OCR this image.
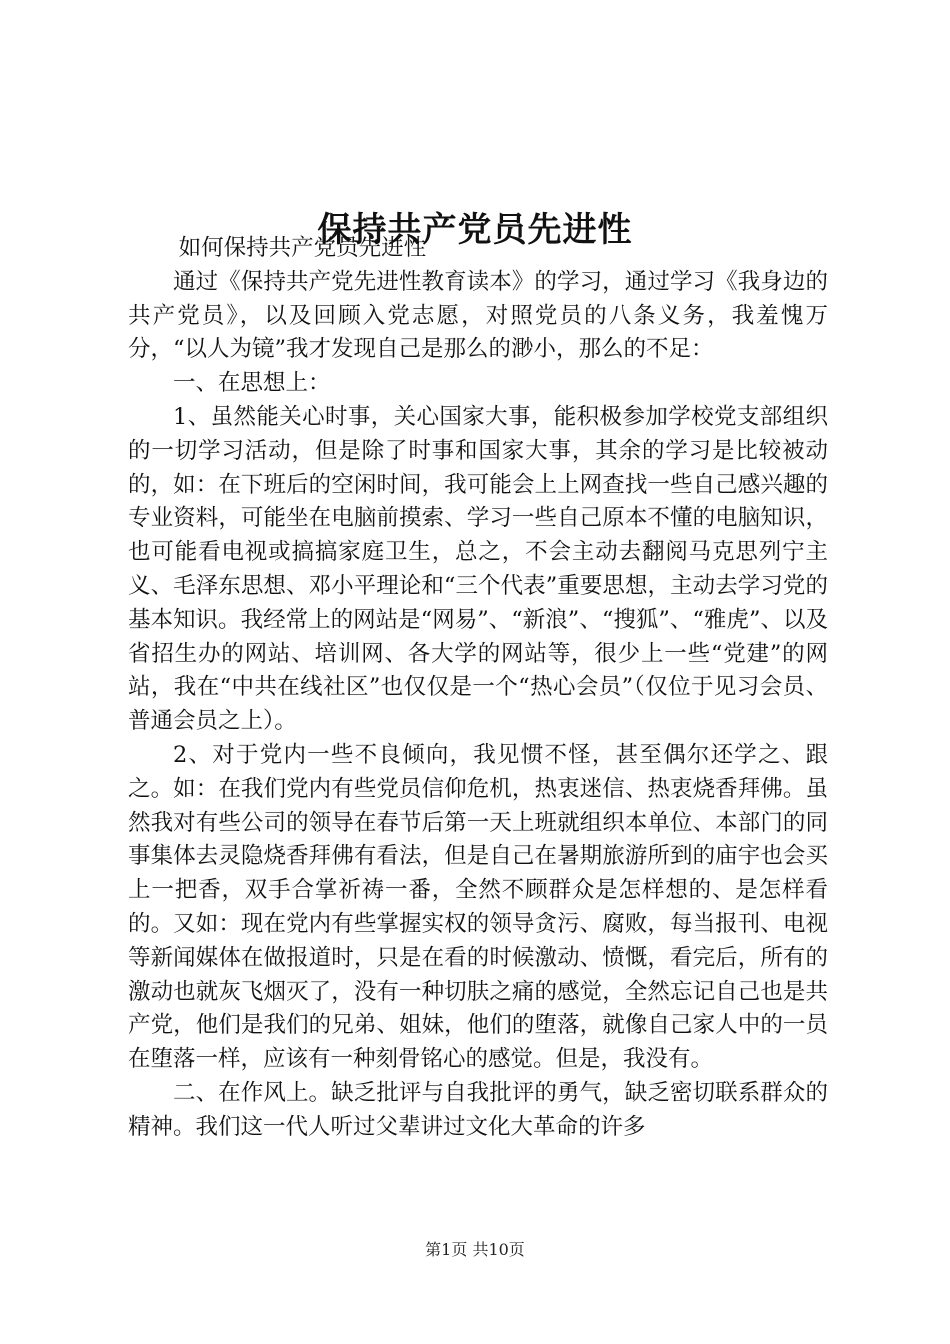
保持共产党员先进性

如何保持共产党员先进性

通过《保持共产党先进性教育读本》的学习，通过学习《我身边的共产党员》，以及回顾入党志愿，对照党员的八条义务，我羞愧万分，“以人为镜”我才发现自己是那么的渺小，那么的不足：

一、在思想上：

1、虽然能关心时事，关心国家大事，能积极参加学校党支部组织的一切学习活动，但是除了时事和国家大事，其余的学习是比较被动的，如：在下班后的空闲时间，我可能会上上网查找一些自己感兴趣的专业资料，可能坐在电脑前摸索、学习一些自己原本不懂的电脑知识，也可能看电视或搞搞家庭卫生，总之，不会主动去翻阅马克思列宁主义、毛泽东思想、邓小平理论和“三个代表”重要思想，主动去学习党的基本知识。我经常上的网站是“网易”、“新浪”、“搜狐”、“雅虎”、以及省招生办的网站、培训网、各大学的网站等，很少上一些“党建”的网站，我在“中共在线社区”也仅仅是一个“热心会员”（仅位于见习会员、普通会员之上）。

2、对于党内一些不良倾向，我见惯不怪，甚至偶尔还学之、跟之。如：在我们党内有些党员信仰危机，热衷迷信、热衷烧香拜佛。虽然我对有些公司的领导在春节后第一天上班就组织本单位、本部门的同事集体去灵隐烧香拜佛有看法，但是自己在暑期旅游所到的庙宇也会买上一把香，双手合掌祈祷一番，全然不顾群众是怎样想的、是怎样看的。又如：现在党内有些掌握实权的领导贪污、腐败，每当报刊、电视等新闻媒体在做报道时，只是在看的时候激动、愤慨，看完后，所有的激动也就灰飞烟灭了，没有一种切肤之痛的感觉，全然忘记自己也是共产党，他们是我们的兄弟、姐妹，他们的堕落，就像自己家人中的一员在堕落一样，应该有一种刻骨铭心的感觉。但是，我没有。

二、在作风上。缺乏批评与自我批评的勇气，缺乏密切联系群众的精神。我们这一代人听过父辈讲过文化大革命的许多

第1页 共10页
